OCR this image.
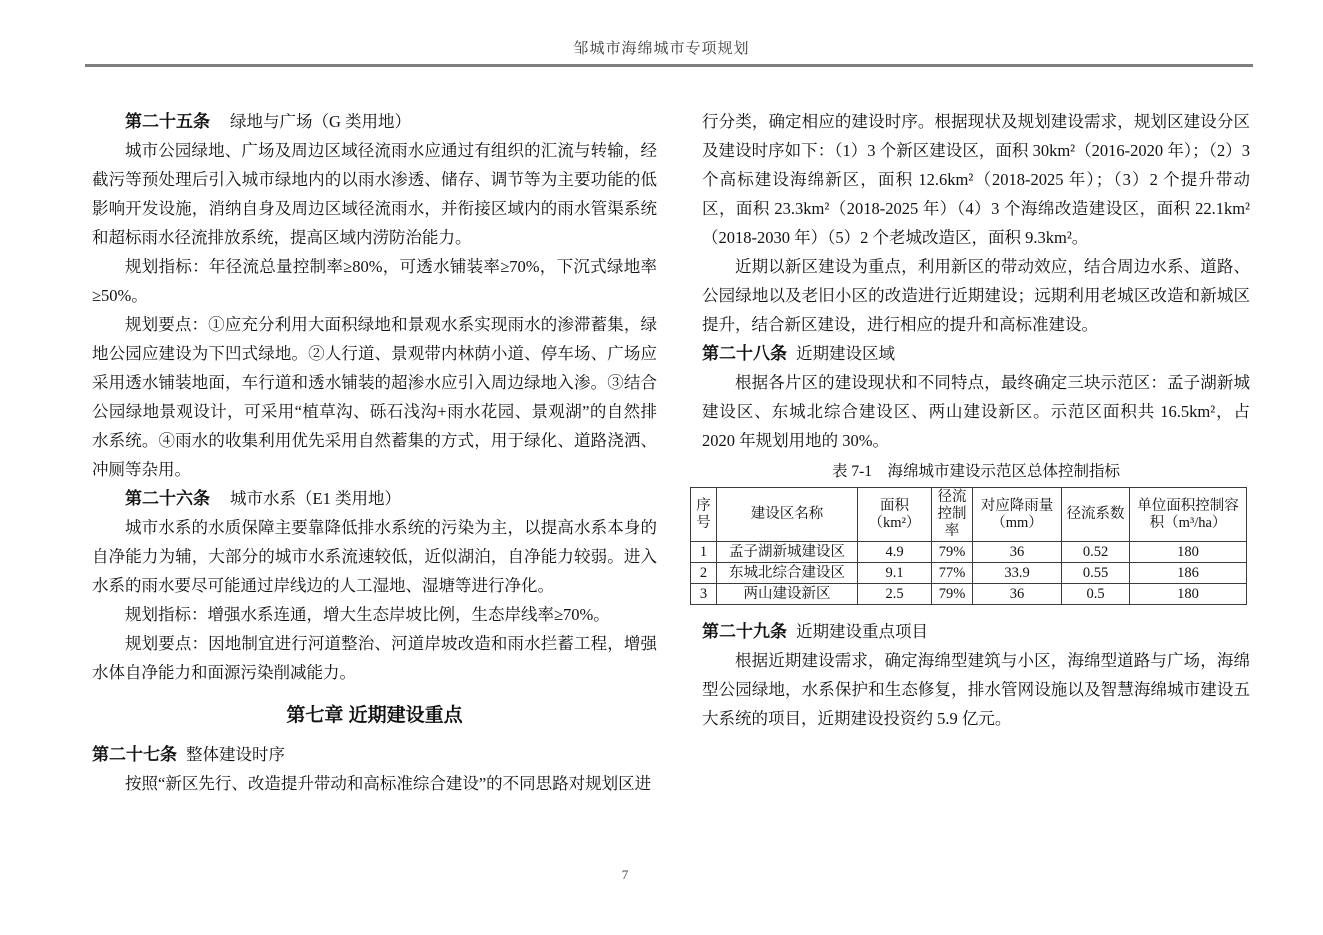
邹城市海绵城市专项规划
第二十五条 绿地与广场（G 类用地）

城市公园绿地、广场及周边区域径流雨水应通过有组织的汇流与转输，经截污等预处理后引入城市绿地内的以雨水渗透、储存、调节等为主要功能的低影响开发设施，消纳自身及周边区域径流雨水，并衔接区域内的雨水管渠系统和超标雨水径流排放系统，提高区域内涝防治能力。

规划指标：年径流总量控制率≥80%，可透水铺装率≥70%，下沉式绿地率≥50%。

规划要点：①应充分利用大面积绿地和景观水系实现雨水的渗滞蓄集，绿地公园应建设为下凹式绿地。②人行道、景观带内林荫小道、停车场、广场应采用透水铺装地面，车行道和透水铺装的超渗水应引入周边绿地入渗。③结合公园绿地景观设计，可采用“植草沟、砾石浅沟+雨水花园、景观湖”的自然排水系统。④雨水的收集利用优先采用自然蓄集的方式，用于绿化、道路浇洒、冲厕等杂用。

第二十六条 城市水系（E1 类用地）

城市水系的水质保障主要靠降低排水系统的污染为主，以提高水系本身的自净能力为辅，大部分的城市水系流速较低，近似湖泊，自净能力较弱。进入水系的雨水要尽可能通过岸线边的人工湿地、湿塘等进行净化。

规划指标：增强水系连通，增大生态岸坡比例，生态岸线率≥70%。

规划要点：因地制宜进行河道整治、河道岸坡改造和雨水拦蓄工程，增强水体自净能力和面源污染削减能力。

第七章 近期建设重点
第二十七条 整体建设时序

按照“新区先行、改造提升带动和高标准综合建设”的不同思路对规划区进

行分类，确定相应的建设时序。根据现状及规划建设需求，规划区建设分区及建设时序如下：（1）3 个新区建设区，面积 30km²（2016-2020 年）；（2）3 个高标建设海绵新区，面积 12.6km²（2018-2025 年）；（3）2 个提升带动区，面积 23.3km²（2018-2025 年）（4）3 个海绵改造建设区，面积 22.1km²（2018-2030 年）（5）2 个老城改造区，面积 9.3km²。

近期以新区建设为重点，利用新区的带动效应，结合周边水系、道路、公园绿地以及老旧小区的改造进行近期建设；远期利用老城区改造和新城区提升，结合新区建设，进行相应的提升和高标准建设。

第二十八条 近期建设区域

根据各片区的建设现状和不同特点，最终确定三块示范区：孟子湖新城建设区、东城北综合建设区、两山建设新区。示范区面积共 16.5km²，占 2020 年规划用地的 30%。

表 7-1　海绵城市建设示范区总体控制指标
序号	建设区名称	面积（km²）	径流控制率	对应降雨量（mm）	径流系数	单位面积控制容积（m³/ha）
1	孟子湖新城建设区	4.9	79%	36	0.52	180
2	东城北综合建设区	9.1	77%	33.9	0.55	186
3	两山建设新区	2.5	79%	36	0.5	180
第二十九条 近期建设重点项目

根据近期建设需求，确定海绵型建筑与小区，海绵型道路与广场，海绵型公园绿地，水系保护和生态修复，排水管网设施以及智慧海绵城市建设五大系统的项目，近期建设投资约 5.9 亿元。

7
